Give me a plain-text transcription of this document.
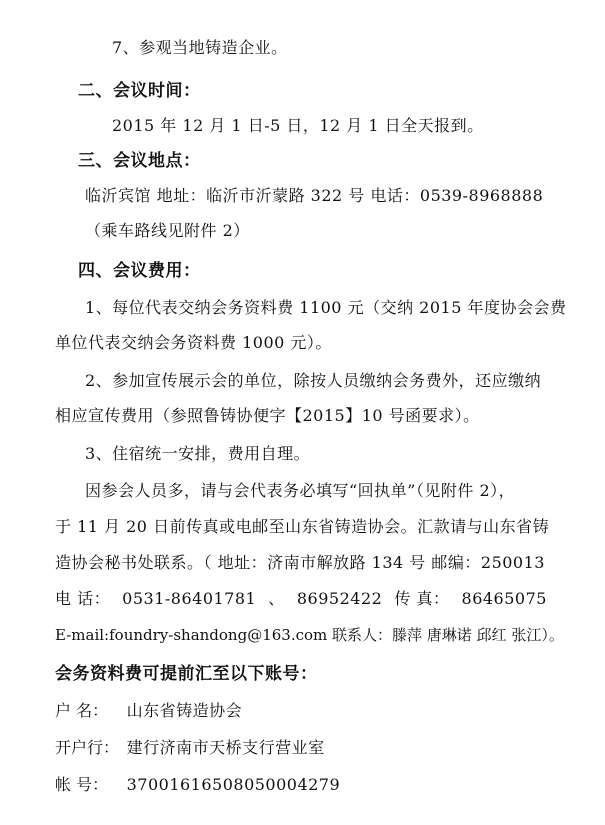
7、参观当地铸造企业。
二、会议时间：
2015 年 12 月 1 日-5 日，12 月 1 日全天报到。
三、会议地点：
临沂宾馆 地址：临沂市沂蒙路 322 号 电话：0539-8968888
（乘车路线见附件 2）
四、会议费用：
1、每位代表交纳会务资料费 1100 元（交纳 2015 年度协会会费
单位代表交纳会务资料费 1000 元）。
2、参加宣传展示会的单位，除按人员缴纳会务费外，还应缴纳
相应宣传费用（参照鲁铸协便字【2015】10 号函要求）。
3、住宿统一安排，费用自理。
因参会人员多，请与会代表务必填写“回执单”（见附件 2），
于 11 月 20 日前传真或电邮至山东省铸造协会。汇款请与山东省铸
造协会秘书处联系。（ 地址：济南市解放路 134 号 邮编：250013
电 话： 0531-86401781 、 86952422 传 真： 86465075
E-mail:foundry-shandong@163.com 联系人：滕萍 唐琳诺 邱红 张江）。
会务资料费可提前汇至以下账号：
户 名： 山东省铸造协会
开户行： 建行济南市天桥支行营业室
帐 号： 37001616508050004279
